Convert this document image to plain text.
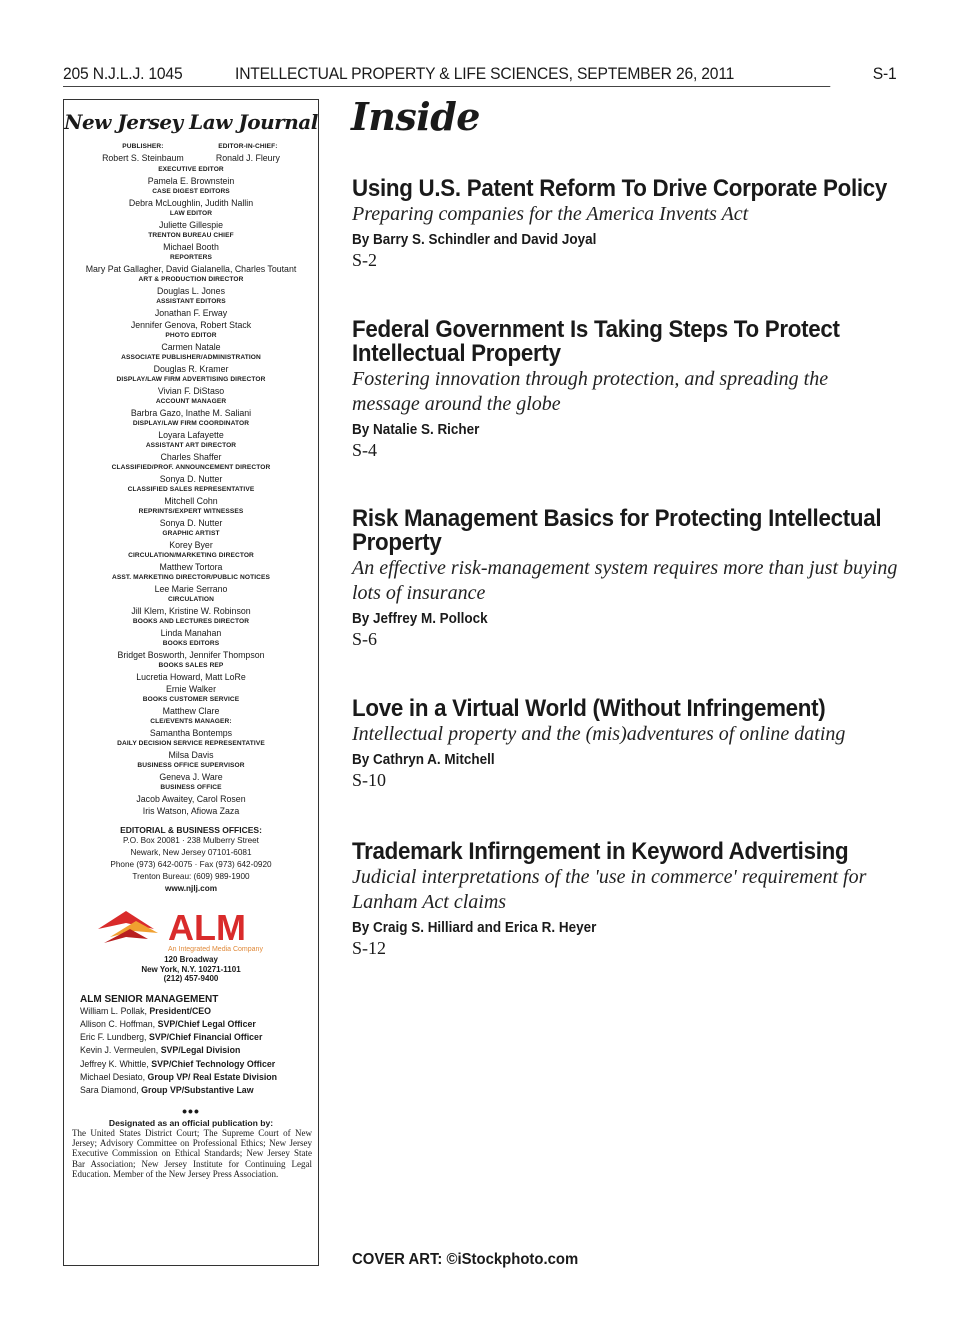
205 N.J.L.J. 1045	INTELLECTUAL PROPERTY & LIFE SCIENCES, SEPTEMBER 26, 2011	S-1
New Jersey Law Journal
PUBLISHER:
Robert S. Steinbaum
EDITOR-IN-CHIEF:
Ronald J. Fleury
EXECUTIVE EDITOR
Pamela E. Brownstein
CASE DIGEST EDITORS
Debra McLoughlin, Judith Nallin
LAW EDITOR
Juliette Gillespie
TRENTON BUREAU CHIEF
Michael Booth
REPORTERS
Mary Pat Gallagher, David Gialanella, Charles Toutant
ART & PRODUCTION DIRECTOR
Douglas L. Jones
ASSISTANT EDITORS
Jonathan F. Erway
Jennifer Genova, Robert Stack
PHOTO EDITOR
Carmen Natale
ASSOCIATE PUBLISHER/ADMINISTRATION
Douglas R. Kramer
DISPLAY/LAW FIRM ADVERTISING DIRECTOR
Vivian F. DiStaso
ACCOUNT MANAGER
Barbra Gazo, Inathe M. Saliani
DISPLAY/LAW FIRM COORDINATOR
Loyara Lafayette
ASSISTANT ART DIRECTOR
Charles Shaffer
CLASSIFIED/PROF. ANNOUNCEMENT DIRECTOR
Sonya D. Nutter
CLASSIFIED SALES REPRESENTATIVE
Mitchell Cohn
REPRINTS/EXPERT WITNESSES
Sonya D. Nutter
GRAPHIC ARTIST
Korey Byer
CIRCULATION/MARKETING DIRECTOR
Matthew Tortora
ASST. MARKETING DIRECTOR/PUBLIC NOTICES
Lee Marie Serrano
CIRCULATION
Jill Klem, Kristine W. Robinson
BOOKS AND LECTURES DIRECTOR
Linda Manahan
BOOKS EDITORS
Bridget Bosworth, Jennifer Thompson
BOOKS SALES REP
Lucretia Howard, Matt LoRe
Ernie Walker
BOOKS CUSTOMER SERVICE
Matthew Clare
CLE/EVENTS MANAGER:
Samantha Bontemps
DAILY DECISION SERVICE REPRESENTATIVE
Milsa Davis
BUSINESS OFFICE SUPERVISOR
Geneva J. Ware
BUSINESS OFFICE
Jacob Awaitey, Carol Rosen
Iris Watson, Afiowa Zaza
EDITORIAL & BUSINESS OFFICES:
P.O. Box 20081 · 238 Mulberry Street
Newark, New Jersey 07101-6081
Phone (973) 642-0075 · Fax (973) 642-0920
Trenton Bureau: (609) 989-1900
www.njlj.com
ALM
An Integrated Media Company
120 Broadway
New York, N.Y. 10271-1101
(212) 457-9400
ALM SENIOR MANAGEMENT
William L. Pollak, President/CEO
Allison C. Hoffman, SVP/Chief Legal Officer
Eric F. Lundberg, SVP/Chief Financial Officer
Kevin J. Vermeulen, SVP/Legal Division
Jeffrey K. Whittle, SVP/Chief Technology Officer
Michael Desiato, Group VP/ Real Estate Division
Sara Diamond, Group VP/Substantive Law
•••
Designated as an official publication by:
The United States District Court; The Supreme Court of New Jersey; Advisory Committee on Professional Ethics; New Jersey Executive Commission on Ethical Standards; New Jersey State Bar Association; New Jersey Institute for Continuing Legal Education. Member of the New Jersey Press Association.
Inside
Using U.S. Patent Reform To Drive Corporate Policy
Preparing companies for the America Invents Act
By Barry S. Schindler and David Joyal
S-2
Federal Government Is Taking Steps To Protect Intellectual Property
Fostering innovation through protection, and spreading the message around the globe
By Natalie S. Richer
S-4
Risk Management Basics for Protecting Intellectual Property
An effective risk-management system requires more than just buying lots of insurance
By Jeffrey M. Pollock
S-6
Love in a Virtual World (Without Infringement)
Intellectual property and the (mis)adventures of online dating
By Cathryn A. Mitchell
S-10
Trademark Infirngement in Keyword Advertising
Judicial interpretations of the 'use in commerce' requirement for Lanham Act claims
By Craig S. Hilliard and Erica R. Heyer
S-12
COVER ART: ©iStockphoto.com
